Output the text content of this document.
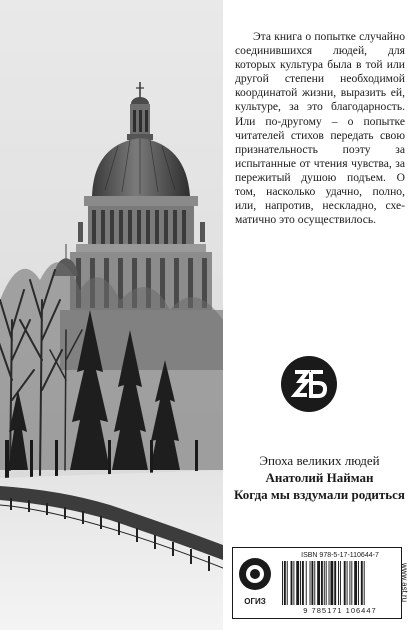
Эта книга о попытке случайно соединившихся людей, для которых культура была в той или другой степени необходимой координатой жизни, выразить ей, культуре, за это благодарность. Или по-другому – о попытке читателей стихов передать свою признательность поэту за испытанные от чтения чувства, за пережитый душою подъем. О том, насколько удачно, полно, или, напротив, нескладно, схематично это осуществилось.

Эпоха великих людей
Анатолий Найман
Когда мы вздумали родиться
ОГИЗ
ISBN 978-5-17-110644-7
9 785171 106447
www.ast.ru
